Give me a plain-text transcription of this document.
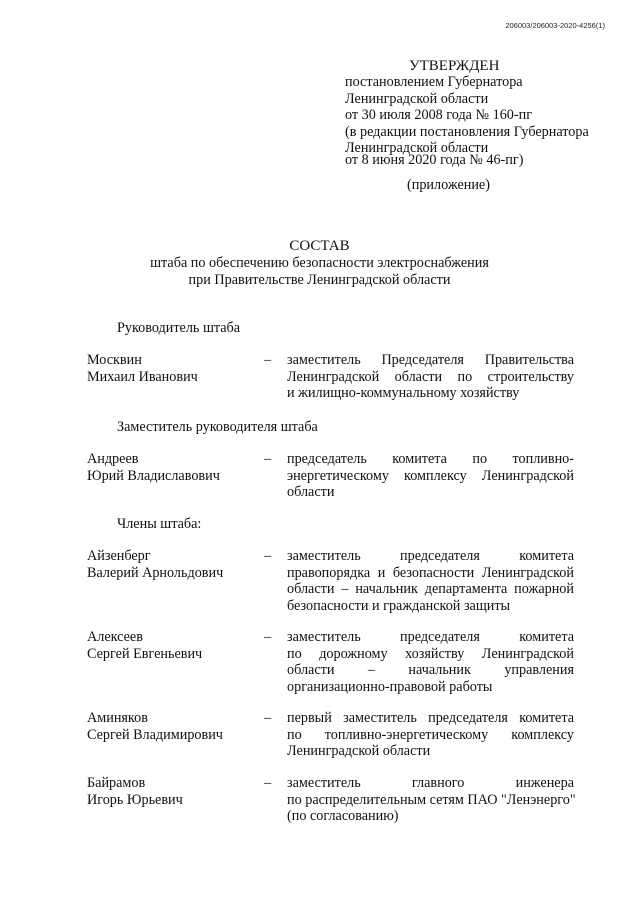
206003/206003-2020-4256(1)
УТВЕРЖДЕН
постановлением Губернатора
Ленинградской области
от 30 июля 2008 года № 160-пг
(в редакции постановления Губернатора
Ленинградской области
от 8 июня 2020 года № 46-пг)
(приложение)
СОСТАВ
штаба по обеспечению безопасности электроснабжения
при Правительстве Ленинградской области
Руководитель штаба
Москвин
Михаил Иванович
– заместитель Председателя Правительства
Ленинградской области по строительству
и жилищно-коммунальному хозяйству
Заместитель руководителя штаба
Андреев
Юрий Владиславович
– председатель комитета по топливно-
энергетическому комплексу Ленинградской
области
Члены штаба:
Айзенберг
Валерий Арнольдович
– заместитель председателя комитета
правопорядка и безопасности Ленинградской
области – начальник департамента пожарной
безопасности и гражданской защиты
Алексеев
Сергей Евгеньевич
– заместитель председателя комитета
по дорожному хозяйству Ленинградской
области – начальник управления
организационно-правовой работы
Аминяков
Сергей Владимирович
– первый заместитель председателя комитета
по топливно-энергетическому комплексу
Ленинградской области
Байрамов
Игорь Юрьевич
– заместитель главного инженера
по распределительным сетям ПАО "Ленэнерго"
(по согласованию)
